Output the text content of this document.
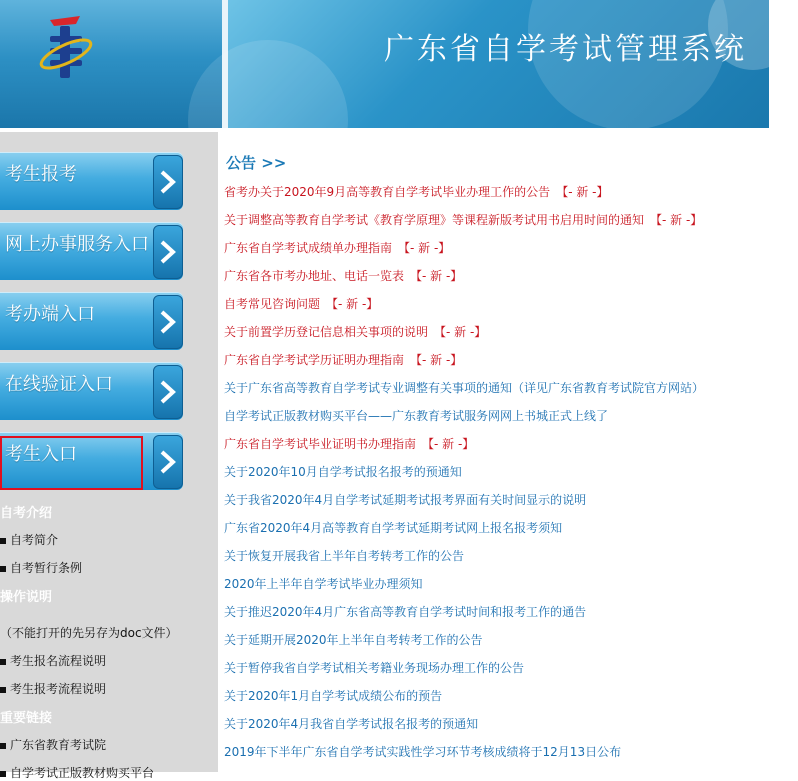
广东省自学考试管理系统
考生报考
网上办事服务入口
考办端入口
在线验证入口
考生入口
自考介绍
自考简介
自考暂行条例
操作说明
（不能打开的先另存为doc文件）
考生报名流程说明
考生报考流程说明
重要链接
广东省教育考试院
自学考试正版教材购买平台
公告 >>
省考办关于2020年9月高等教育自学考试毕业办理工作的公告 【- 新 -】
关于调整高等教育自学考试《教育学原理》等课程新版考试用书启用时间的通知 【- 新 -】
广东省自学考试成绩单办理指南 【- 新 -】
广东省各市考办地址、电话一览表 【- 新 -】
自考常见咨询问题 【- 新 -】
关于前置学历登记信息相关事项的说明 【- 新 -】
广东省自学考试学历证明办理指南 【- 新 -】
关于广东省高等教育自学考试专业调整有关事项的通知（详见广东省教育考试院官方网站）
自学考试正版教材购买平台——广东教育考试服务网网上书城正式上线了
广东省自学考试毕业证明书办理指南 【- 新 -】
关于2020年10月自学考试报名报考的预通知
关于我省2020年4月自学考试延期考试报考界面有关时间显示的说明
广东省2020年4月高等教育自学考试延期考试网上报名报考须知
关于恢复开展我省上半年自考转考工作的公告
2020年上半年自学考试毕业办理须知
关于推迟2020年4月广东省高等教育自学考试时间和报考工作的通告
关于延期开展2020年上半年自考转考工作的公告
关于暂停我省自学考试相关考籍业务现场办理工作的公告
关于2020年1月自学考试成绩公布的预告
关于2020年4月我省自学考试报名报考的预通知
2019年下半年广东省自学考试实践性学习环节考核成绩将于12月13日公布
